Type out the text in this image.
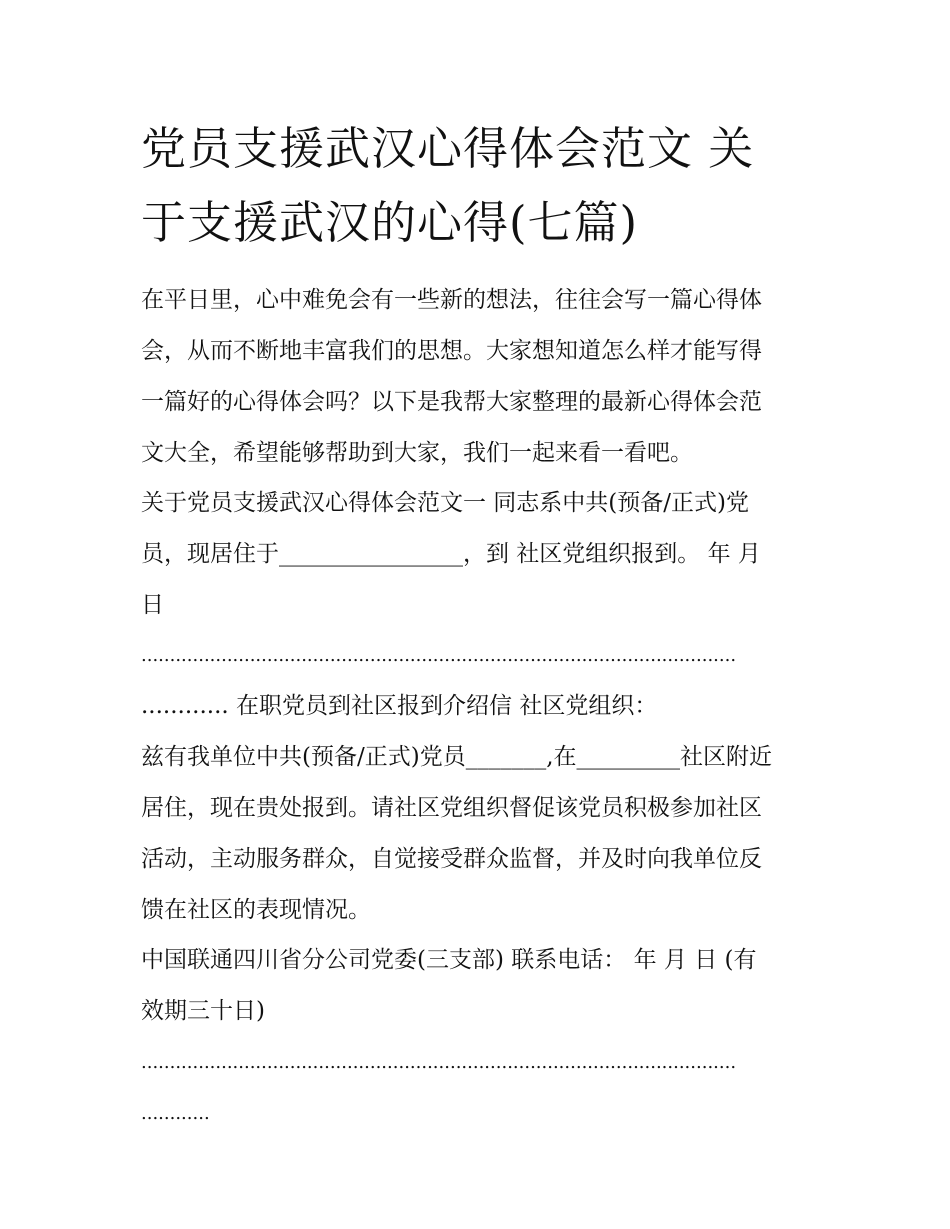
党员支援武汉心得体会范文 关
于支援武汉的心得(七篇)

在平日里，心中难免会有一些新的想法，往往会写一篇心得体
会，从而不断地丰富我们的思想。大家想知道怎么样才能写得
一篇好的心得体会吗？以下是我帮大家整理的最新心得体会范
文大全，希望能够帮助到大家，我们一起来看一看吧。

关于党员支援武汉心得体会范文一 同志系中共(预备/正式)党
员，现居住于________________，到 社区党组织报到。 年 月
日

........................................................................................................
............ 在职党员到社区报到介绍信 社区党组织：

兹有我单位中共(预备/正式)党员_______,在_________社区附近
居住，现在贵处报到。请社区党组织督促该党员积极参加社区
活动，主动服务群众，自觉接受群众监督，并及时向我单位反
馈在社区的表现情况。

中国联通四川省分公司党委(三支部) 联系电话： 年 月 日 (有
效期三十日)

........................................................................................................
............
